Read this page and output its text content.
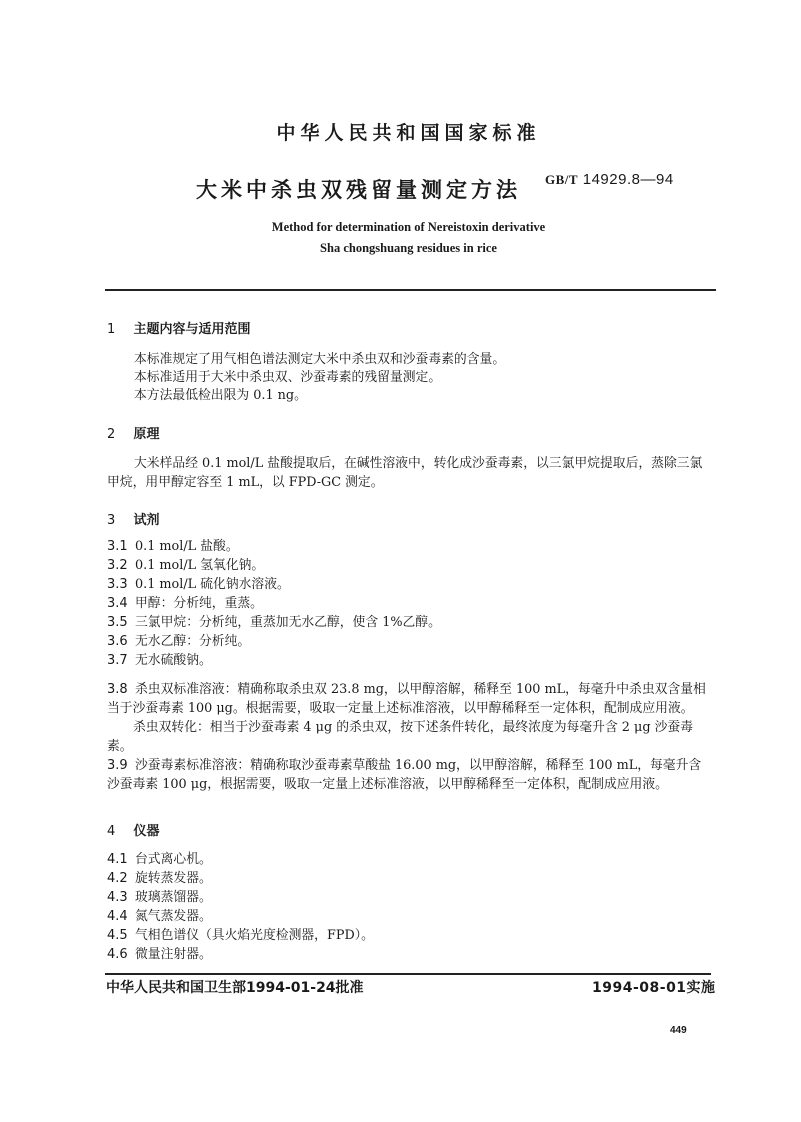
中华人民共和国国家标准
大米中杀虫双残留量测定方法 GB/T 14929.8—94
Method for determination of Nereistoxin derivative
Sha chongshuang residues in rice
1 主题内容与适用范围
本标准规定了用气相色谱法测定大米中杀虫双和沙蚕毒素的含量。
本标准适用于大米中杀虫双、沙蚕毒素的残留量测定。
本方法最低检出限为 0.1 ng。
2 原理
大米样品经 0.1 mol/L 盐酸提取后，在碱性溶液中，转化成沙蚕毒素，以三氯甲烷提取后，蒸除三氯
甲烷，用甲醇定容至 1 mL，以 FPD-GC 测定。
3 试剂
3.1 0.1 mol/L 盐酸。
3.2 0.1 mol/L 氢氧化钠。
3.3 0.1 mol/L 硫化钠水溶液。
3.4 甲醇：分析纯，重蒸。
3.5 三氯甲烷：分析纯，重蒸加无水乙醇，使含 1%乙醇。
3.6 无水乙醇：分析纯。
3.7 无水硫酸钠。
3.8 杀虫双标准溶液：精确称取杀虫双 23.8 mg，以甲醇溶解，稀释至 100 mL，每毫升中杀虫双含量相
当于沙蚕毒素 100 μg。根据需要，吸取一定量上述标准溶液，以甲醇稀释至一定体积，配制成应用液。
杀虫双转化：相当于沙蚕毒素 4 μg 的杀虫双，按下述条件转化，最终浓度为每毫升含 2 μg 沙蚕毒
素。
3.9 沙蚕毒素标准溶液：精确称取沙蚕毒素草酸盐 16.00 mg，以甲醇溶解，稀释至 100 mL，每毫升含
沙蚕毒素 100 μg，根据需要，吸取一定量上述标准溶液，以甲醇稀释至一定体积，配制成应用液。
4 仪器
4.1 台式离心机。
4.2 旋转蒸发器。
4.3 玻璃蒸馏器。
4.4 氮气蒸发器。
4.5 气相色谱仪（具火焰光度检测器，FPD）。
4.6 微量注射器。
中华人民共和国卫生部1994-01-24批准	1994-08-01实施
449
